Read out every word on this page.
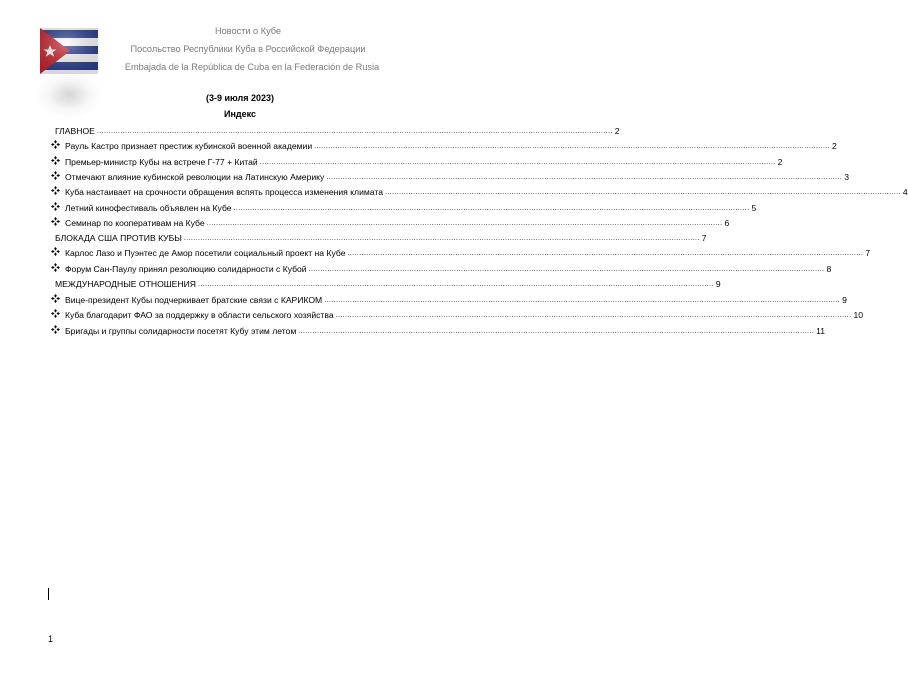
Новости о Кубе
Посольство Республики Куба в Российской Федерации
Embajada de la República de Cuba en la Federación de Rusia
(3-9 июля 2023)
Индекс
ГЛАВНОЕ ............................................................................................................................................................................................................................ 2
Рауль Кастро признает престиж кубинской военной академии ............................................................................................................................................................................................................................ 2
Премьер-министр Кубы на встрече Г-77 + Китай ............................................................................................................................................................................................................................ 2
Отмечают влияние кубинской революции на Латинскую Америку ............................................................................................................................................................................................................................ 3
Куба настаивает на срочности обращения вспять процесса изменения климата ............................................................................................................................................................................................................................ 4
Летний кинофестиваль объявлен на Кубе ............................................................................................................................................................................................................................ 5
Семинар по кооперативам на Кубе ............................................................................................................................................................................................................................ 6
БЛОКАДА США ПРОТИВ КУБЫ ............................................................................................................................................................................................................................ 7
Карлос Лазо и Пуэнтес де Амор посетили социальный проект на Кубе ............................................................................................................................................................................................................................ 7
Форум Сан-Паулу принял резолюцию солидарности с Кубой ............................................................................................................................................................................................................................ 8
МЕЖДУНАРОДНЫЕ ОТНОШЕНИЯ ............................................................................................................................................................................................................................ 9
Вице-президент Кубы подчеркивает братские связи с КАРИКОМ ............................................................................................................................................................................................................................ 9
Куба благодарит ФАО за поддержку в области сельского хозяйства ............................................................................................................................................................................................................................ 10
Бригады и группы солидарности посетят Кубу этим летом ............................................................................................................................................................................................................................ 11
1
